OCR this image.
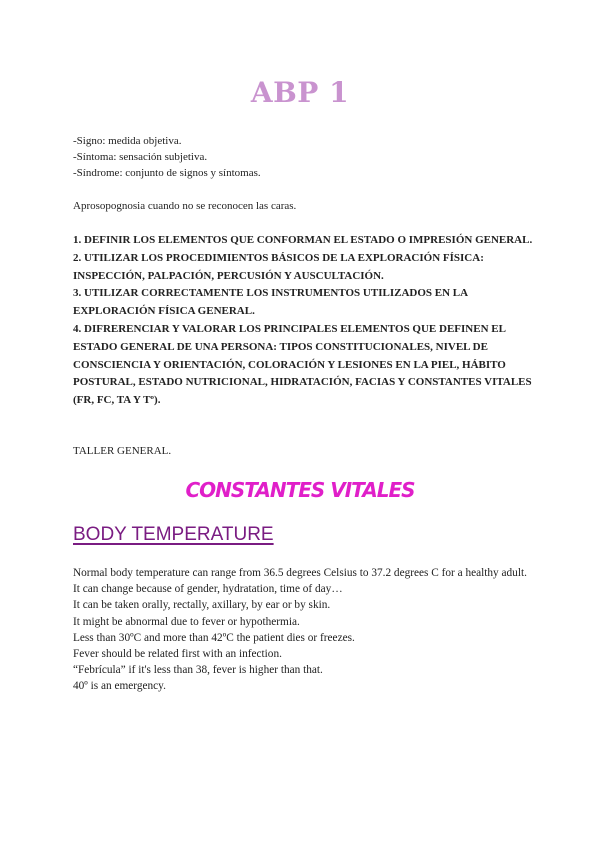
ABP 1
-Signo: medida objetiva.
-Síntoma: sensación subjetiva.
-Síndrome: conjunto de signos y síntomas.
Aprosopognosia cuando no se reconocen las caras.
1. DEFINIR LOS ELEMENTOS QUE CONFORMAN EL ESTADO O IMPRESIÓN GENERAL.
2. UTILIZAR LOS PROCEDIMIENTOS BÁSICOS DE LA EXPLORACIÓN FÍSICA: INSPECCIÓN, PALPACIÓN, PERCUSIÓN Y AUSCULTACIÓN.
3. UTILIZAR CORRECTAMENTE LOS INSTRUMENTOS UTILIZADOS EN LA EXPLORACIÓN FÍSICA GENERAL.
4. DIFRERENCIAR Y VALORAR LOS PRINCIPALES ELEMENTOS QUE DEFINEN EL ESTADO GENERAL DE UNA PERSONA: TIPOS CONSTITUCIONALES, NIVEL DE CONSCIENCIA Y ORIENTACIÓN, COLORACIÓN Y LESIONES EN LA PIEL, HÁBITO POSTURAL, ESTADO NUTRICIONAL, HIDRATACIÓN, FACIAS Y CONSTANTES VITALES (FR, FC, TA Y Tº).
TALLER GENERAL.
CONSTANTES VITALES
BODY TEMPERATURE
Normal body temperature can range from 36.5 degrees Celsius to 37.2 degrees C for a healthy adult.
It can change because of gender, hydratation, time of day…
It can be taken orally, rectally, axillary, by ear or by skin.
It might be abnormal due to fever or hypothermia.
Less than 30ºC and more than 42ºC the patient dies or freezes.
Fever should be related first with an infection.
“Febrícula” if it's less than 38, fever is higher than that.
40º is an emergency.
